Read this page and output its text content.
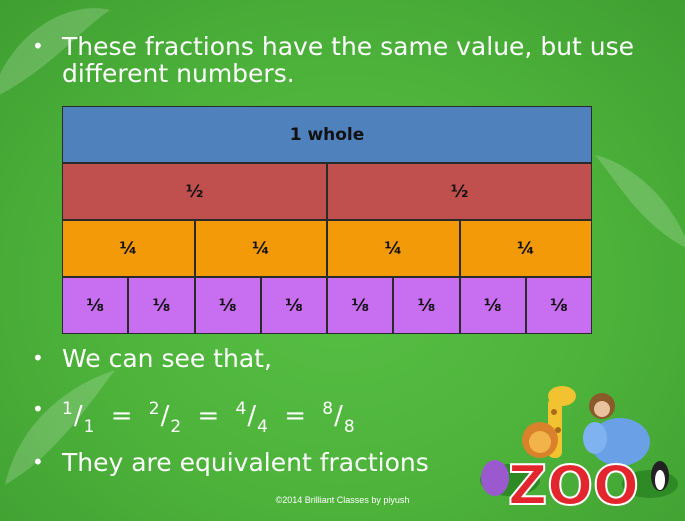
• These fractions have the same value, but use different numbers.
1 whole
½	½
¼	¼	¼	¼
⅛	⅛	⅛	⅛	⅛	⅛	⅛	⅛
• We can see that,
•	$^1/_1 = ^2/_2 = ^4/_4 = ^8/_8$
• They are equivalent fractions ZOO
©2014 Brilliant Classes by piyush
